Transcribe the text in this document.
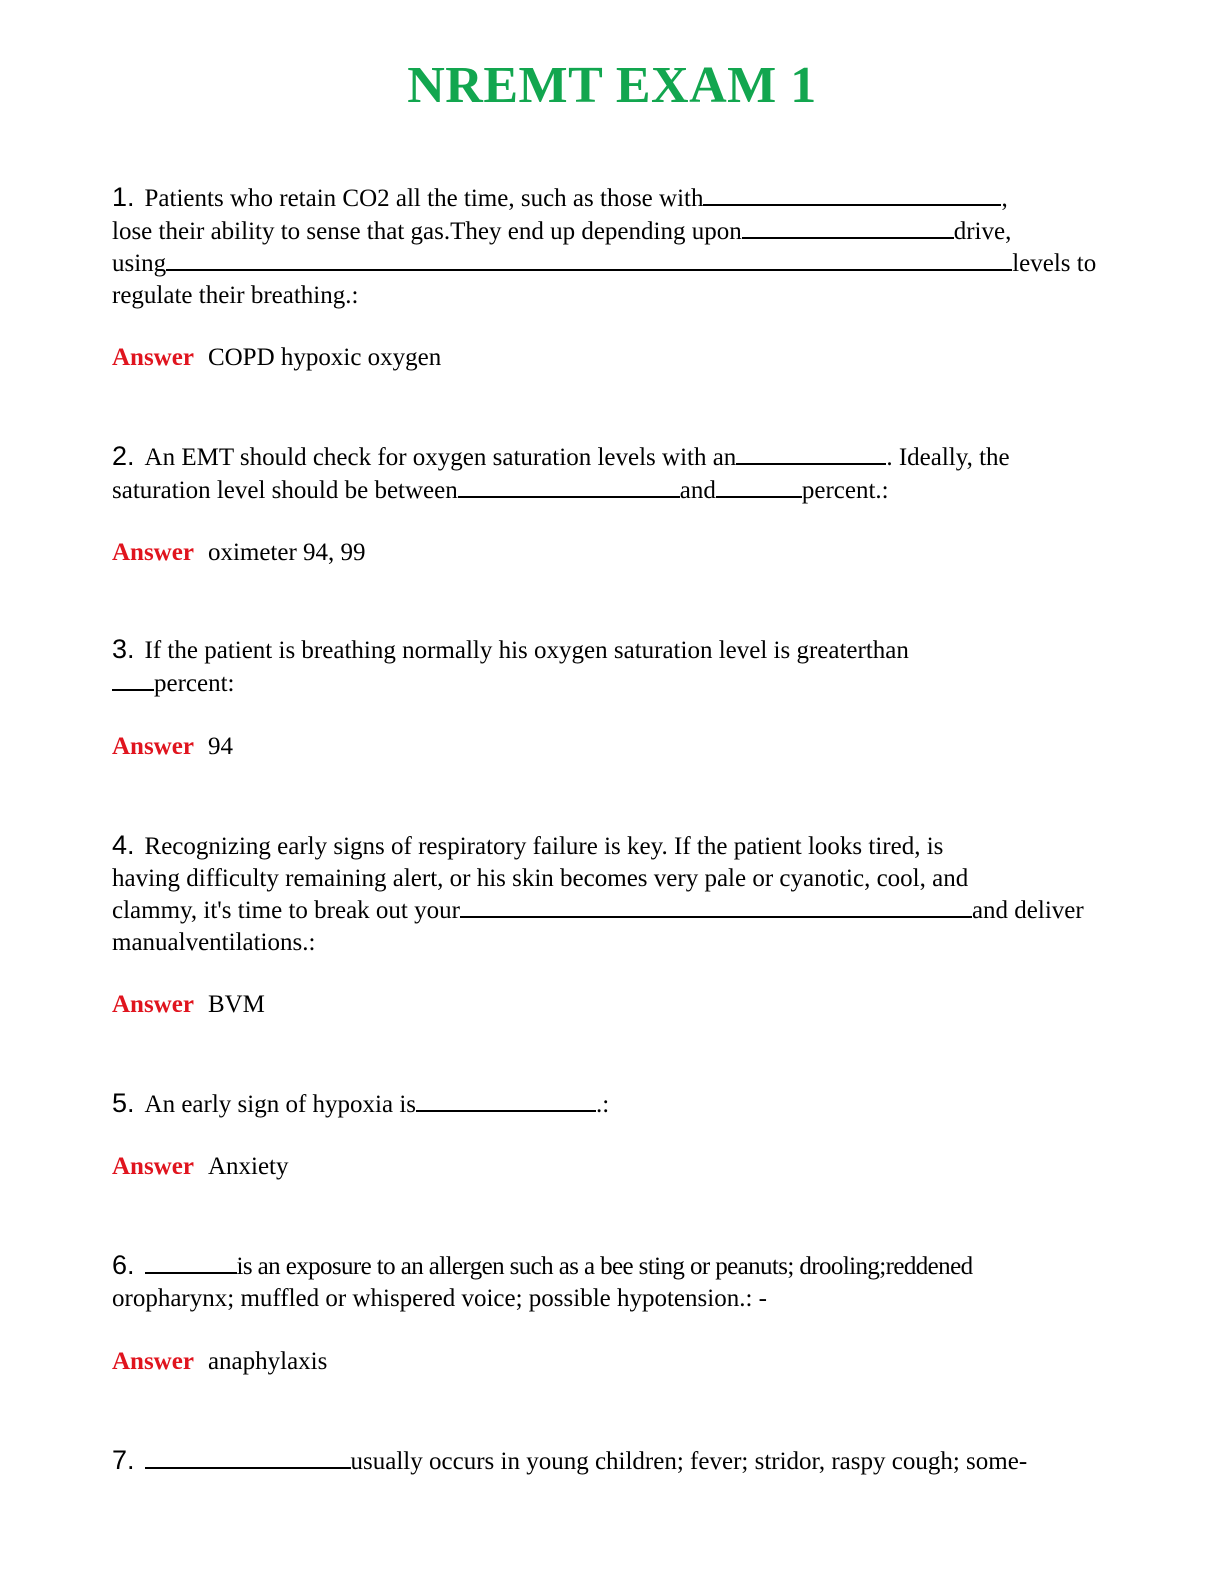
NREMT EXAM 1
1. Patients who retain CO2 all the time, such as those with	,
lose their ability to sense that gas.They end up depending upon	drive,
using	levels to
regulate their breathing.:
Answer COPD hypoxic oxygen
2. An EMT should check for oxygen saturation levels with an	. Ideally, the
saturation level should be between	and	percent.:
Answer oximeter 94, 99
3. If the patient is breathing normally his oxygen saturation level is greaterthan
percent:
Answer 94
4. Recognizing early signs of respiratory failure is key. If the patient looks tired, is
having difficulty remaining alert, or his skin becomes very pale or cyanotic, cool, and
clammy, it's time to break out your	and deliver
manualventilations.:
Answer BVM
5. An early sign of hypoxia is	.:
Answer Anxiety
6.	is an exposure to an allergen such as a bee sting or peanuts; drooling;reddened
oropharynx; muffled or whispered voice; possible hypotension.: -
Answer anaphylaxis
7.	usually occurs in young children; fever; stridor, raspy cough; some-
